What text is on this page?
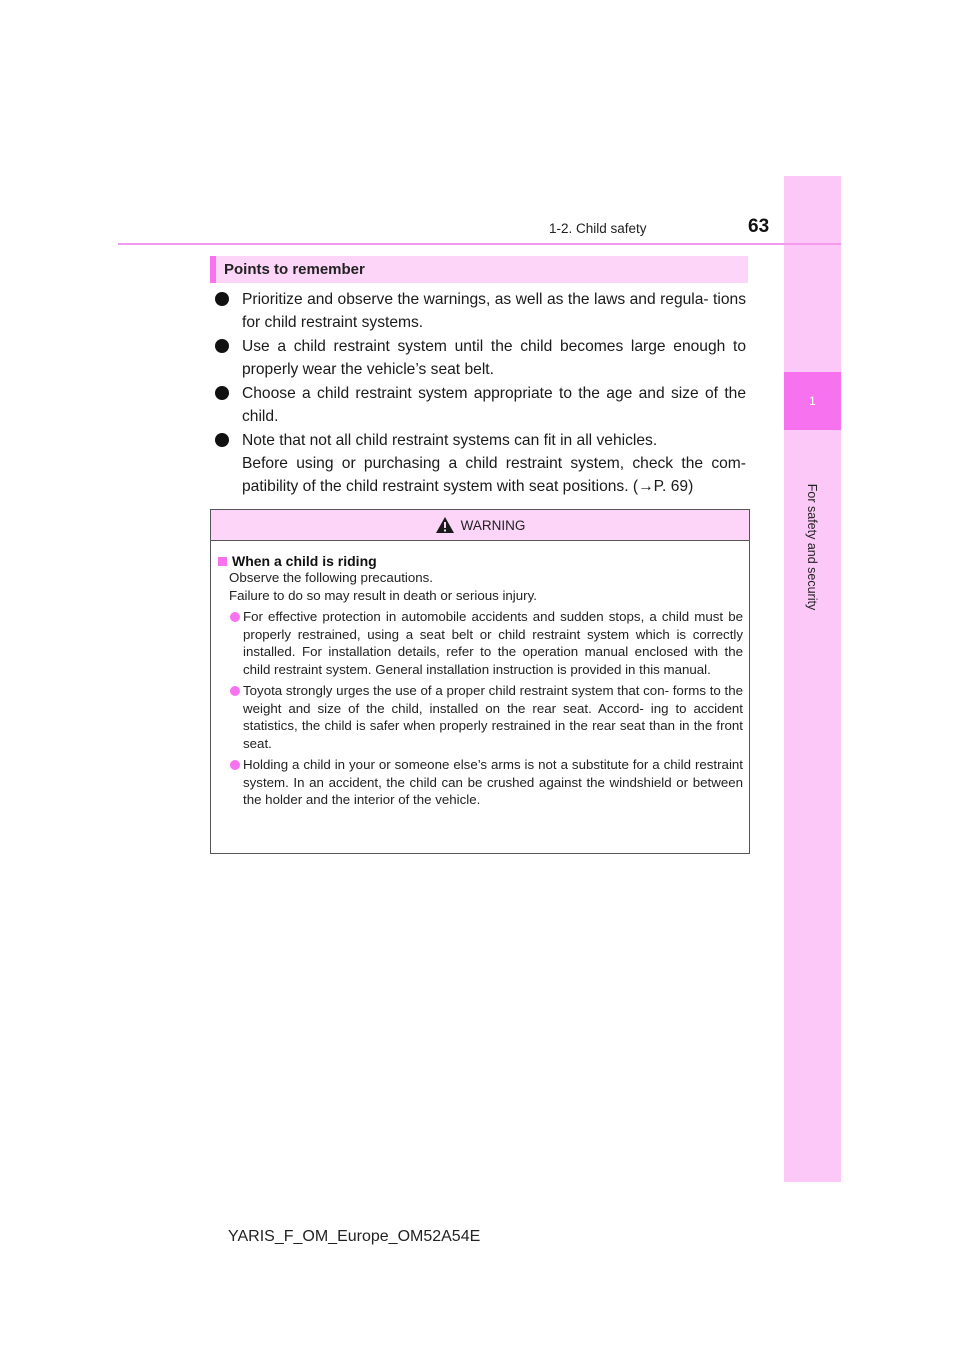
1
For safety and security
1-2. Child safety	63
Points to remember
Prioritize and observe the warnings, as well as the laws and regula- tions for child restraint systems.
Use a child restraint system until the child becomes large enough to properly wear the vehicle’s seat belt.
Choose a child restraint system appropriate to the age and size of the child.
Note that not all child restraint systems can fit in all vehicles.
Before using or purchasing a child restraint system, check the com- patibility of the child restraint system with seat positions. (→P. 69)
WARNING
When a child is riding
Observe the following precautions.
Failure to do so may result in death or serious injury.
For effective protection in automobile accidents and sudden stops, a child must be properly restrained, using a seat belt or child restraint system which is correctly installed. For installation details, refer to the operation manual enclosed with the child restraint system. General installation instruction is provided in this manual.
Toyota strongly urges the use of a proper child restraint system that con- forms to the weight and size of the child, installed on the rear seat. Accord- ing to accident statistics, the child is safer when properly restrained in the rear seat than in the front seat.
Holding a child in your or someone else’s arms is not a substitute for a child restraint system. In an accident, the child can be crushed against the windshield or between the holder and the interior of the vehicle.
YARIS_F_OM_Europe_OM52A54E
